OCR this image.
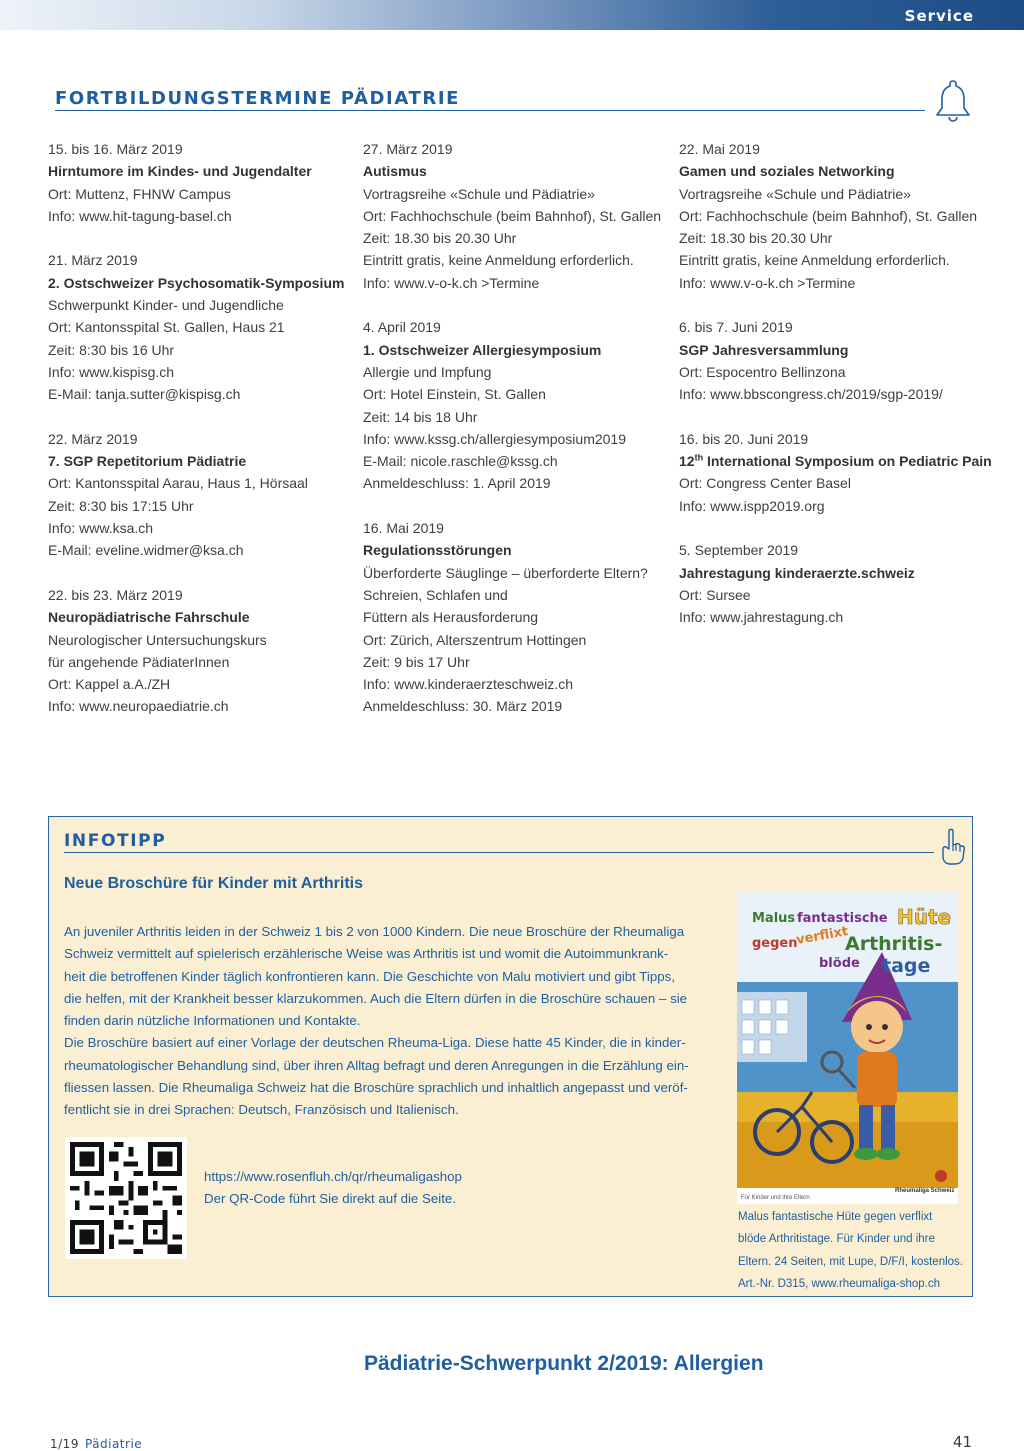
Service
FORTBILDUNGSTERMINE PÄDIATRIE
15. bis 16. März 2019
Hirntumore im Kindes- und Jugendalter
Ort: Muttenz, FHNW Campus
Info: www.hit-tagung-basel.ch
21. März 2019
2. Ostschweizer Psychosomatik-Symposium
Schwerpunkt Kinder- und Jugendliche
Ort: Kantonsspital St. Gallen, Haus 21
Zeit: 8:30 bis 16 Uhr
Info: www.kispisg.ch
E-Mail: tanja.sutter@kispisg.ch
22. März 2019
7. SGP Repetitorium Pädiatrie
Ort: Kantonsspital Aarau, Haus 1, Hörsaal
Zeit: 8:30 bis 17:15 Uhr
Info: www.ksa.ch
E-Mail: eveline.widmer@ksa.ch
22. bis 23. März 2019
Neuropädiatrische Fahrschule
Neurologischer Untersuchungskurs
für angehende PädiaterInnen
Ort: Kappel a.A./ZH
Info: www.neuropaediatrie.ch
27. März 2019
Autismus
Vortragsreihe «Schule und Pädiatrie»
Ort: Fachhochschule (beim Bahnhof), St. Gallen
Zeit: 18.30 bis 20.30 Uhr
Eintritt gratis, keine Anmeldung erforderlich.
Info: www.v-o-k.ch >Termine
4. April 2019
1. Ostschweizer Allergiesymposium
Allergie und Impfung
Ort: Hotel Einstein, St. Gallen
Zeit: 14 bis 18 Uhr
Info: www.kssg.ch/allergiesymposium2019
E-Mail: nicole.raschle@kssg.ch
Anmeldeschluss: 1. April 2019
16. Mai 2019
Regulationsstörungen
Überforderte Säuglinge – überforderte Eltern?
Schreien, Schlafen und
Füttern als Herausforderung
Ort: Zürich, Alterszentrum Hottingen
Zeit: 9 bis 17 Uhr
Info: www.kinderaerzteschweiz.ch
Anmeldeschluss: 30. März 2019
22. Mai 2019
Gamen und soziales Networking
Vortragsreihe «Schule und Pädiatrie»
Ort: Fachhochschule (beim Bahnhof), St. Gallen
Zeit: 18.30 bis 20.30 Uhr
Eintritt gratis, keine Anmeldung erforderlich.
Info: www.v-o-k.ch >Termine
6. bis 7. Juni 2019
SGP Jahresversammlung
Ort: Espocentro Bellinzona
Info: www.bbscongress.ch/2019/sgp-2019/
16. bis 20. Juni 2019
12th International Symposium on Pediatric Pain
Ort: Congress Center Basel
Info: www.ispp2019.org
5. September 2019
Jahrestagung kinderaerzte.schweiz
Ort: Sursee
Info: www.jahrestagung.ch
INFOTIPP
Neue Broschüre für Kinder mit Arthritis
An juveniler Arthritis leiden in der Schweiz 1 bis 2 von 1000 Kindern. Die neue Broschüre der Rheumaliga
Schweiz vermittelt auf spielerisch erzählerische Weise was Arthritis ist und womit die Autoimmunkrank-
heit die betroffenen Kinder täglich konfrontieren kann. Die Geschichte von Malu motiviert und gibt Tipps,
die helfen, mit der Krankheit besser klarzukommen. Auch die Eltern dürfen in die Broschüre schauen – sie
finden darin nützliche Informationen und Kontakte.
Die Broschüre basiert auf einer Vorlage der deutschen Rheuma-Liga. Diese hatte 45 Kinder, die in kinder-
rheumatologischer Behandlung sind, über ihren Alltag befragt und deren Anregungen in die Erzählung ein-
fliessen lassen. Die Rheumaliga Schweiz hat die Broschüre sprachlich und inhaltlich angepasst und veröf-
fentlicht sie in drei Sprachen: Deutsch, Französisch und Italienisch.
https://www.rosenfluh.ch/qr/rheumaligashop
Der QR-Code führt Sie direkt auf die Seite.
Malus fantastische Hüte
gegen
verflixt
Arthritis-
blöde tage
Für Kinder und ihre Eltern
Rheumaliga Schweiz
Malus fantastische Hüte gegen verflixt
blöde Arthritistage. Für Kinder und ihre
Eltern. 24 Seiten, mit Lupe, D/F/I, kostenlos.
Art.-Nr. D315, www.rheumaliga-shop.ch
Pädiatrie-Schwerpunkt 2/2019: Allergien
1/19 Pädiatrie	41
